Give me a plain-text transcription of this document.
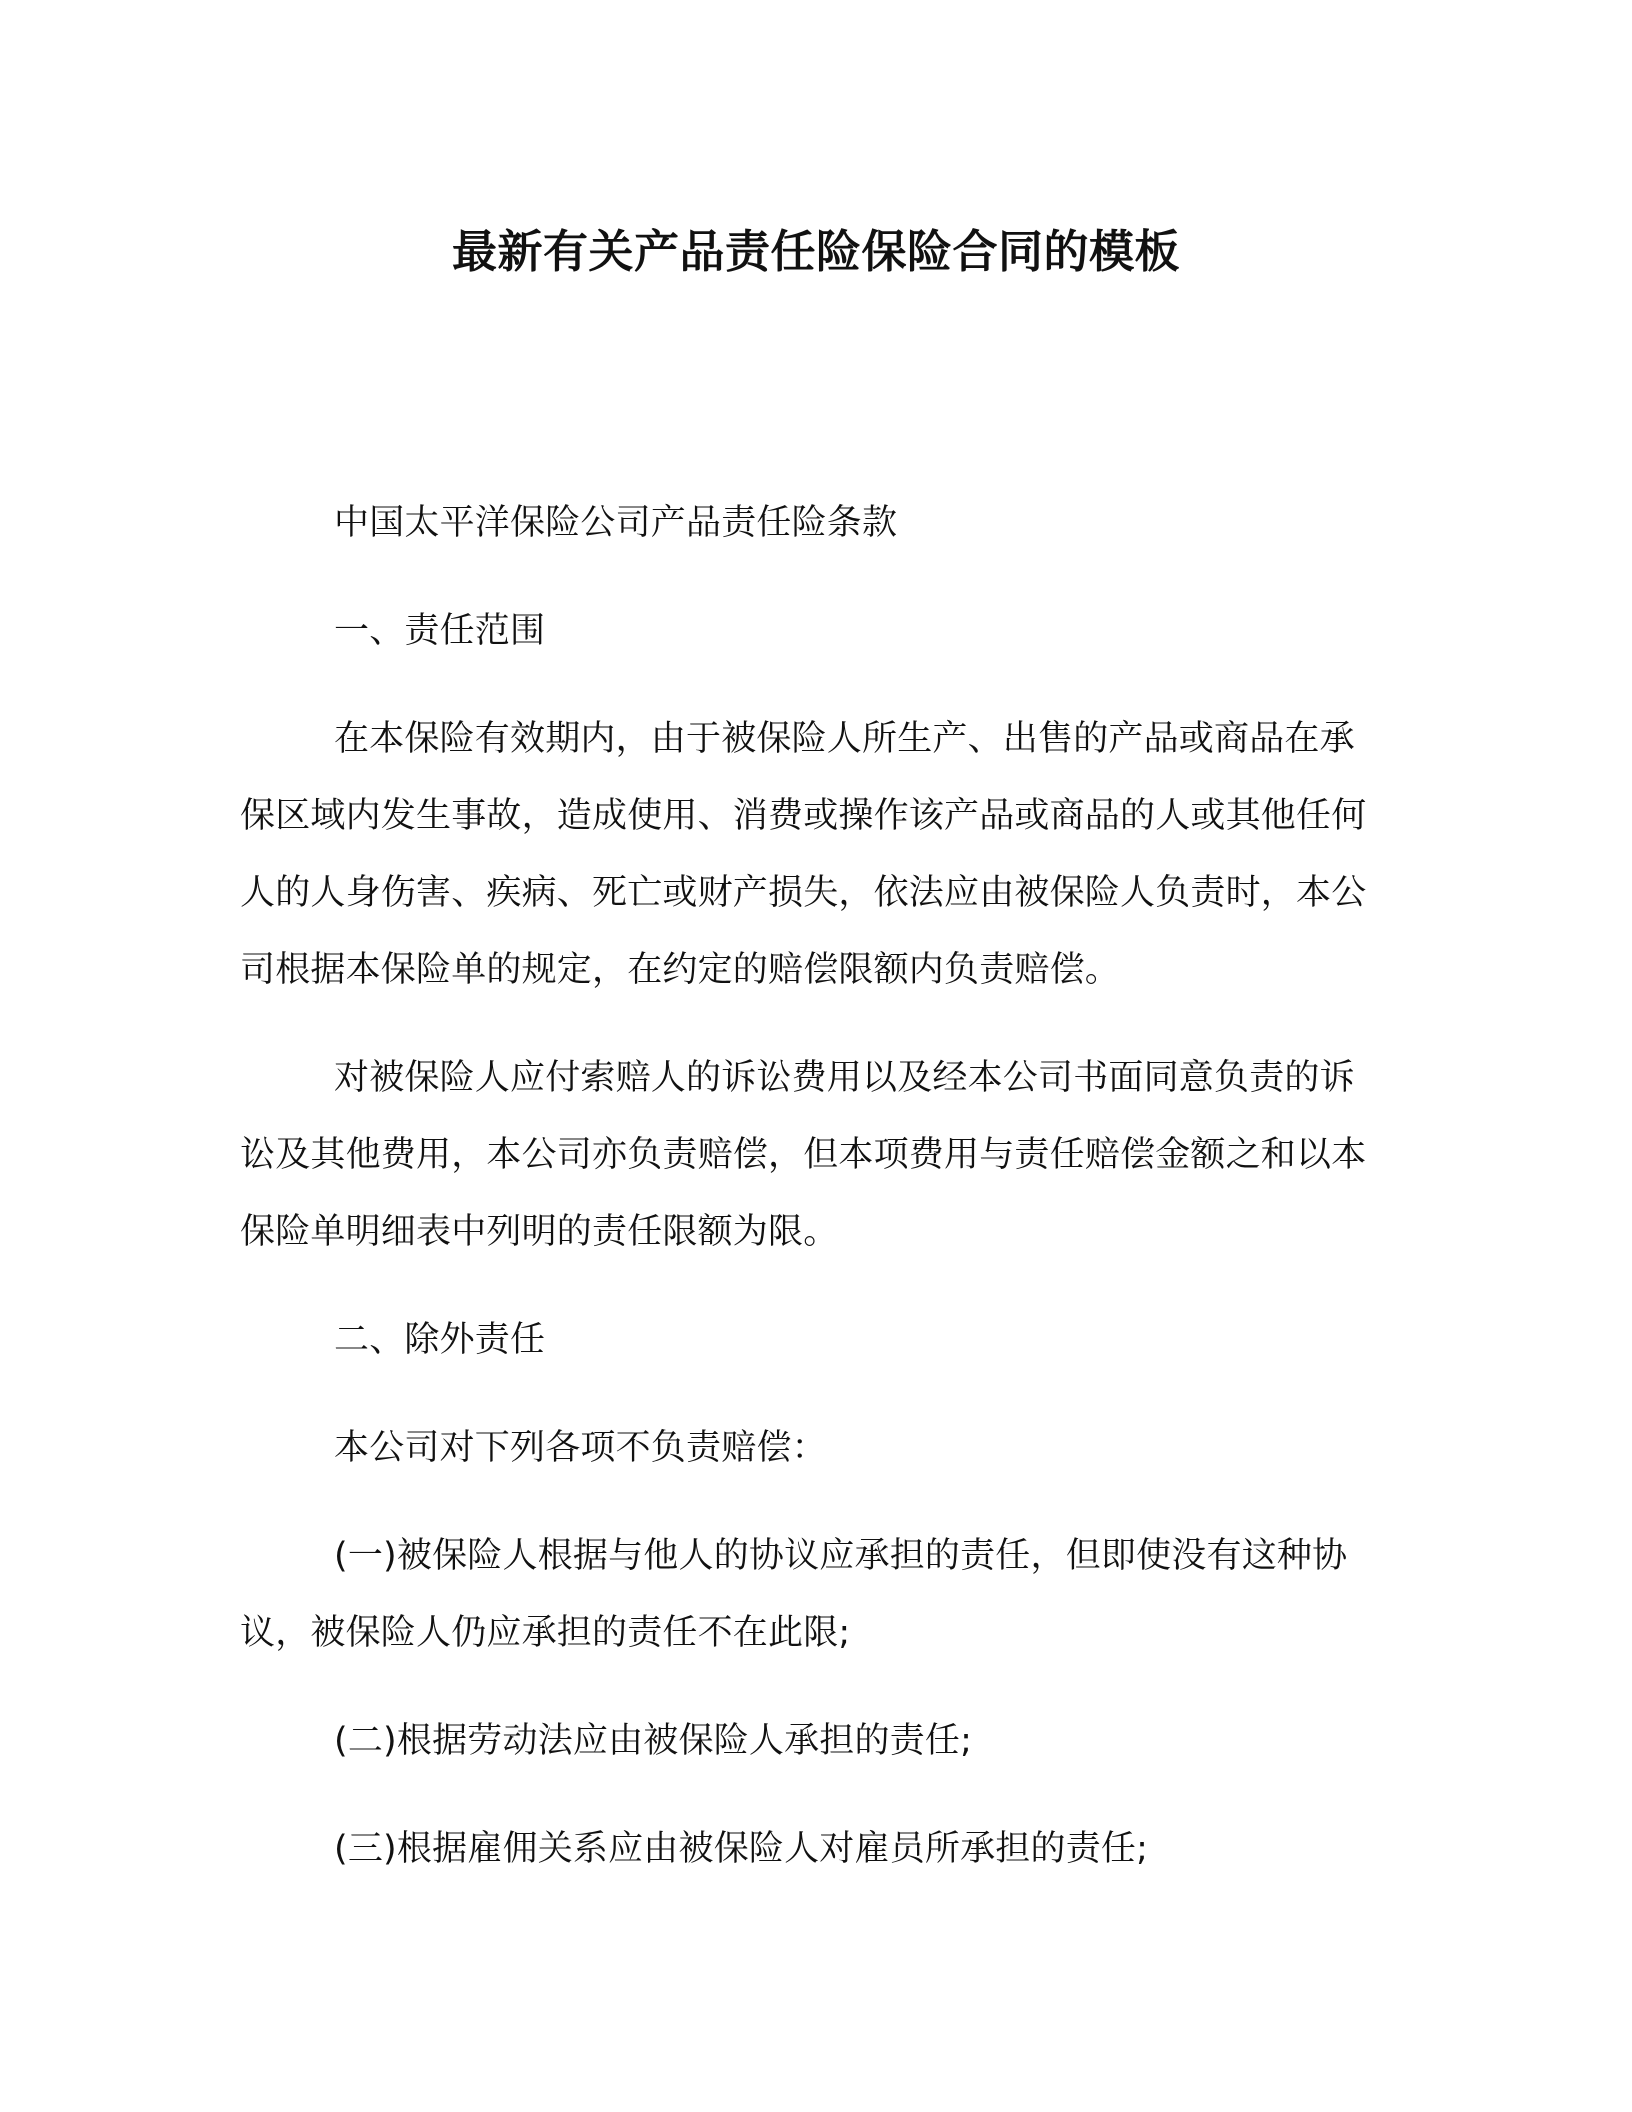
最新有关产品责任险保险合同的模板

中国太平洋保险公司产品责任险条款

一、责任范围

在本保险有效期内，由于被保险人所生产、出售的产品或商品在承保区域内发生事故，造成使用、消费或操作该产品或商品的人或其他任何人的人身伤害、疾病、死亡或财产损失，依法应由被保险人负责时，本公司根据本保险单的规定，在约定的赔偿限额内负责赔偿。

对被保险人应付索赔人的诉讼费用以及经本公司书面同意负责的诉讼及其他费用，本公司亦负责赔偿，但本项费用与责任赔偿金额之和以本保险单明细表中列明的责任限额为限。

二、除外责任

本公司对下列各项不负责赔偿：

(一)被保险人根据与他人的协议应承担的责任，但即使没有这种协议，被保险人仍应承担的责任不在此限;

(二)根据劳动法应由被保险人承担的责任;

(三)根据雇佣关系应由被保险人对雇员所承担的责任;
